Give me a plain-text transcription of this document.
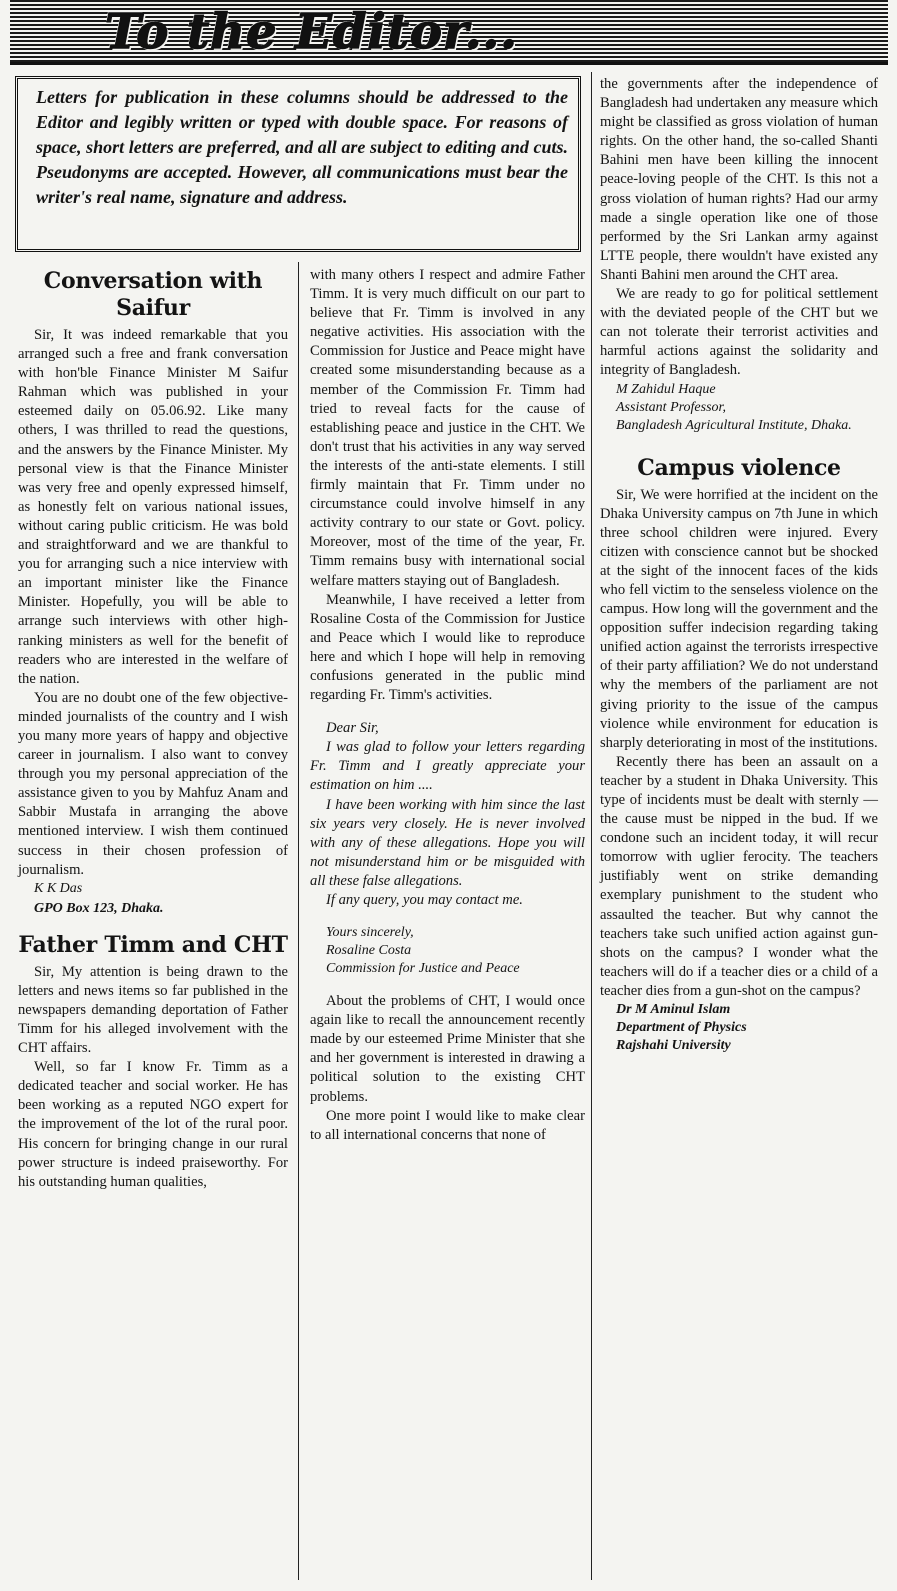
To the Editor...
Letters for publication in these columns should be addressed to the Editor and legibly written or typed with double space. For reasons of space, short letters are preferred, and all are subject to editing and cuts. Pseudonyms are accepted. However, all communications must bear the writer's real name, signature and address.
Conversation with Saifur

Sir, It was indeed remarkable that you arranged such a free and frank conversation with hon'ble Finance Minister M Saifur Rahman which was published in your esteemed daily on 05.06.92. Like many others, I was thrilled to read the questions, and the answers by the Finance Minister. My personal view is that the Finance Minister was very free and openly expressed himself, as honestly felt on various national issues, without caring public criticism. He was bold and straightforward and we are thankful to you for arranging such a nice interview with an important minister like the Finance Minister. Hopefully, you will be able to arrange such interviews with other high-ranking ministers as well for the benefit of readers who are interested in the welfare of the nation.

You are no doubt one of the few objective-minded journalists of the country and I wish you many more years of happy and objective career in journalism. I also want to convey through you my personal appreciation of the assistance given to you by Mahfuz Anam and Sabbir Mustafa in arranging the above mentioned interview. I wish them continued success in their chosen profession of journalism.

K K Das

GPO Box 123, Dhaka.

Father Timm and CHT

Sir, My attention is being drawn to the letters and news items so far published in the newspapers demanding deportation of Father Timm for his alleged involvement with the CHT affairs.

Well, so far I know Fr. Timm as a dedicated teacher and social worker. He has been working as a reputed NGO expert for the improvement of the lot of the rural poor. His concern for bringing change in our rural power structure is indeed praiseworthy. For his outstanding human qualities,

with many others I respect and admire Father Timm. It is very much difficult on our part to believe that Fr. Timm is involved in any negative activities. His association with the Commission for Justice and Peace might have created some misunderstanding because as a member of the Commission Fr. Timm had tried to reveal facts for the cause of establishing peace and justice in the CHT. We don't trust that his activities in any way served the interests of the anti-state elements. I still firmly maintain that Fr. Timm under no circumstance could involve himself in any activity contrary to our state or Govt. policy. Moreover, most of the time of the year, Fr. Timm remains busy with international social welfare matters staying out of Bangladesh.

Meanwhile, I have received a letter from Rosaline Costa of the Commission for Justice and Peace which I would like to reproduce here and which I hope will help in removing confusions generated in the public mind regarding Fr. Timm's activities.

Dear Sir,

I was glad to follow your letters regarding Fr. Timm and I greatly appreciate your estimation on him ....

I have been working with him since the last six years very closely. He is never involved with any of these allegations. Hope you will not misunderstand him or be misguided with all these false allegations.

If any query, you may contact me.

Yours sincerely,

Rosaline Costa

Commission for Justice and Peace

About the problems of CHT, I would once again like to recall the announcement recently made by our esteemed Prime Minister that she and her government is interested in drawing a political solution to the existing CHT problems.

One more point I would like to make clear to all international concerns that none of

the governments after the independence of Bangladesh had undertaken any measure which might be classified as gross violation of human rights. On the other hand, the so-called Shanti Bahini men have been killing the innocent peace-loving people of the CHT. Is this not a gross violation of human rights? Had our army made a single operation like one of those performed by the Sri Lankan army against LTTE people, there wouldn't have existed any Shanti Bahini men around the CHT area.

We are ready to go for political settlement with the deviated people of the CHT but we can not tolerate their terrorist activities and harmful actions against the solidarity and integrity of Bangladesh.

M Zahidul Haque

Assistant Professor,

Bangladesh Agricultural Institute, Dhaka.

Campus violence

Sir, We were horrified at the incident on the Dhaka University campus on 7th June in which three school children were injured. Every citizen with conscience cannot but be shocked at the sight of the innocent faces of the kids who fell victim to the senseless violence on the campus. How long will the government and the opposition suffer indecision regarding taking unified action against the terrorists irrespective of their party affiliation? We do not understand why the members of the parliament are not giving priority to the issue of the campus violence while environment for education is sharply deteriorating in most of the institutions.

Recently there has been an assault on a teacher by a student in Dhaka University. This type of incidents must be dealt with sternly — the cause must be nipped in the bud. If we condone such an incident today, it will recur tomorrow with uglier ferocity. The teachers justifiably went on strike demanding exemplary punishment to the student who assaulted the teacher. But why cannot the teachers take such unified action against gun-shots on the campus? I wonder what the teachers will do if a teacher dies or a child of a teacher dies from a gun-shot on the campus?

Dr M Aminul Islam

Department of Physics

Rajshahi University
